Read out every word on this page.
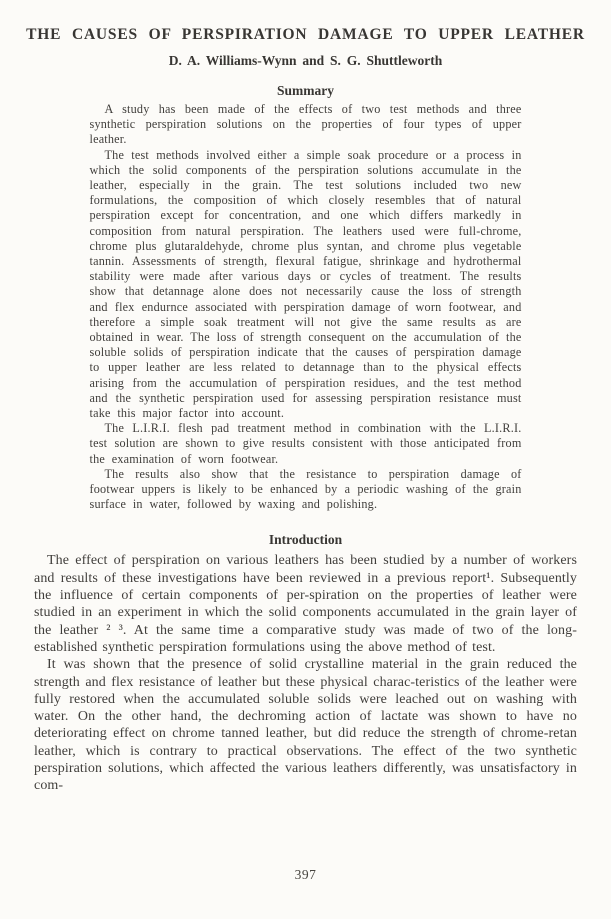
THE CAUSES OF PERSPIRATION DAMAGE TO UPPER LEATHER
D. A. Williams-Wynn and S. G. Shuttleworth
Summary

A study has been made of the effects of two test methods and three synthetic perspiration solutions on the properties of four types of upper leather.

The test methods involved either a simple soak procedure or a process in which the solid components of the perspiration solutions accumulate in the leather, especially in the grain. The test solutions included two new formulations, the composition of which closely resembles that of natural perspiration except for concentration, and one which differs markedly in composition from natural perspiration. The leathers used were full-chrome, chrome plus glutaraldehyde, chrome plus syntan, and chrome plus vegetable tannin. Assessments of strength, flexural fatigue, shrinkage and hydrothermal stability were made after various days or cycles of treatment. The results show that detannage alone does not necessarily cause the loss of strength and flex endurnce associated with perspiration damage of worn footwear, and therefore a simple soak treatment will not give the same results as are obtained in wear. The loss of strength consequent on the accumulation of the soluble solids of perspiration indicate that the causes of perspiration damage to upper leather are less related to detannage than to the physical effects arising from the accumulation of perspiration residues, and the test method and the synthetic perspiration used for assessing perspiration resistance must take this major factor into account.

The L.I.R.I. flesh pad treatment method in combination with the L.I.R.I. test solution are shown to give results consistent with those anticipated from the examination of worn footwear.

The results also show that the resistance to perspiration damage of footwear uppers is likely to be enhanced by a periodic washing of the grain surface in water, followed by waxing and polishing.

Introduction

The effect of perspiration on various leathers has been studied by a number of workers and results of these investigations have been reviewed in a previous report¹. Subsequently the influence of certain components of per-spiration on the properties of leather were studied in an experiment in which the solid components accumulated in the grain layer of the leather ² ³. At the same time a comparative study was made of two of the long-established synthetic perspiration formulations using the above method of test.

It was shown that the presence of solid crystalline material in the grain reduced the strength and flex resistance of leather but these physical charac-teristics of the leather were fully restored when the accumulated soluble solids were leached out on washing with water. On the other hand, the dechroming action of lactate was shown to have no deteriorating effect on chrome tanned leather, but did reduce the strength of chrome-retan leather, which is contrary to practical observations. The effect of the two synthetic perspiration solutions, which affected the various leathers differently, was unsatisfactory in com-

397
